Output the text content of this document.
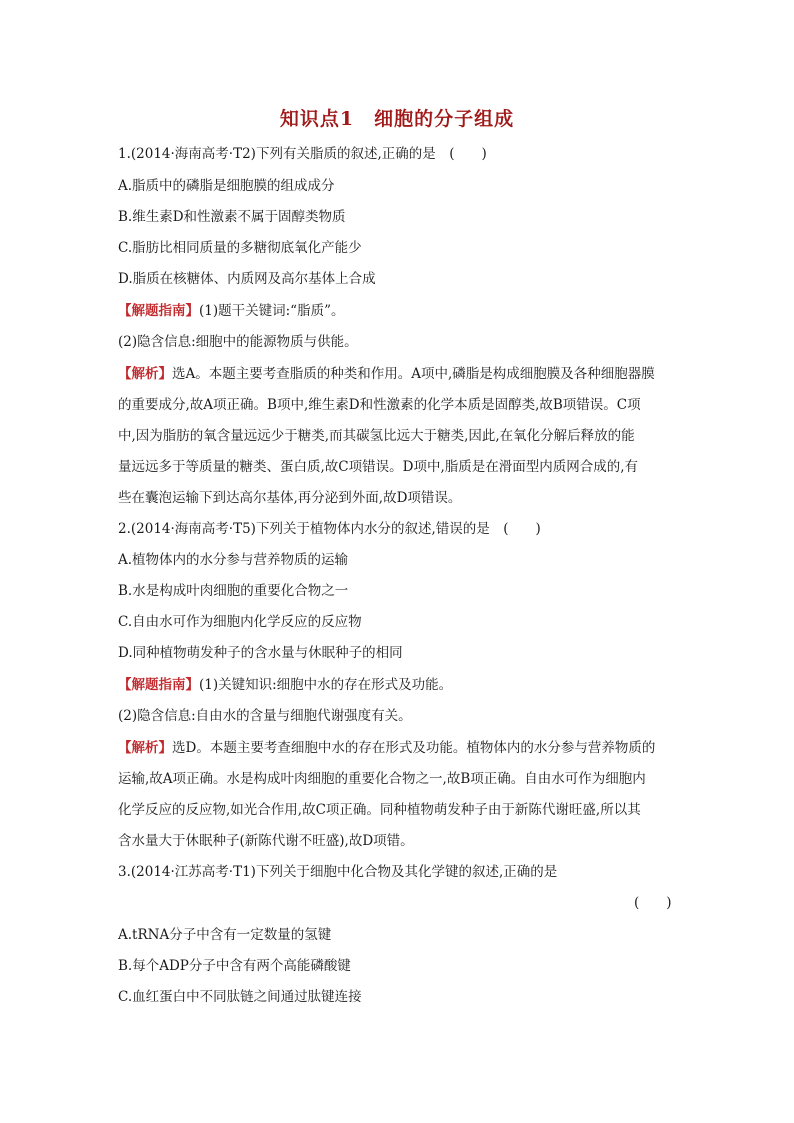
知识点1　细胞的分子组成
1.(2014·海南高考·T2)下列有关脂质的叙述,正确的是　(　　)
A.脂质中的磷脂是细胞膜的组成成分
B.维生素D和性激素不属于固醇类物质
C.脂肪比相同质量的多糖彻底氧化产能少
D.脂质在核糖体、内质网及高尔基体上合成
【解题指南】(1)题干关键词:“脂质”。
(2)隐含信息:细胞中的能源物质与供能。
【解析】选A。本题主要考查脂质的种类和作用。A项中,磷脂是构成细胞膜及各种细胞器膜
的重要成分,故A项正确。B项中,维生素D和性激素的化学本质是固醇类,故B项错误。C项
中,因为脂肪的氧含量远远少于糖类,而其碳氢比远大于糖类,因此,在氧化分解后释放的能
量远远多于等质量的糖类、蛋白质,故C项错误。D项中,脂质是在滑面型内质网合成的,有
些在囊泡运输下到达高尔基体,再分泌到外面,故D项错误。
2.(2014·海南高考·T5)下列关于植物体内水分的叙述,错误的是　(　　)
A.植物体内的水分参与营养物质的运输
B.水是构成叶肉细胞的重要化合物之一
C.自由水可作为细胞内化学反应的反应物
D.同种植物萌发种子的含水量与休眠种子的相同
【解题指南】(1)关键知识:细胞中水的存在形式及功能。
(2)隐含信息:自由水的含量与细胞代谢强度有关。
【解析】选D。本题主要考查细胞中水的存在形式及功能。植物体内的水分参与营养物质的
运输,故A项正确。水是构成叶肉细胞的重要化合物之一,故B项正确。自由水可作为细胞内
化学反应的反应物,如光合作用,故C项正确。同种植物萌发种子由于新陈代谢旺盛,所以其
含水量大于休眠种子(新陈代谢不旺盛),故D项错。
3.(2014·江苏高考·T1)下列关于细胞中化合物及其化学键的叙述,正确的是
(　　)
A.tRNA分子中含有一定数量的氢键
B.每个ADP分子中含有两个高能磷酸键
C.血红蛋白中不同肽链之间通过肽键连接
